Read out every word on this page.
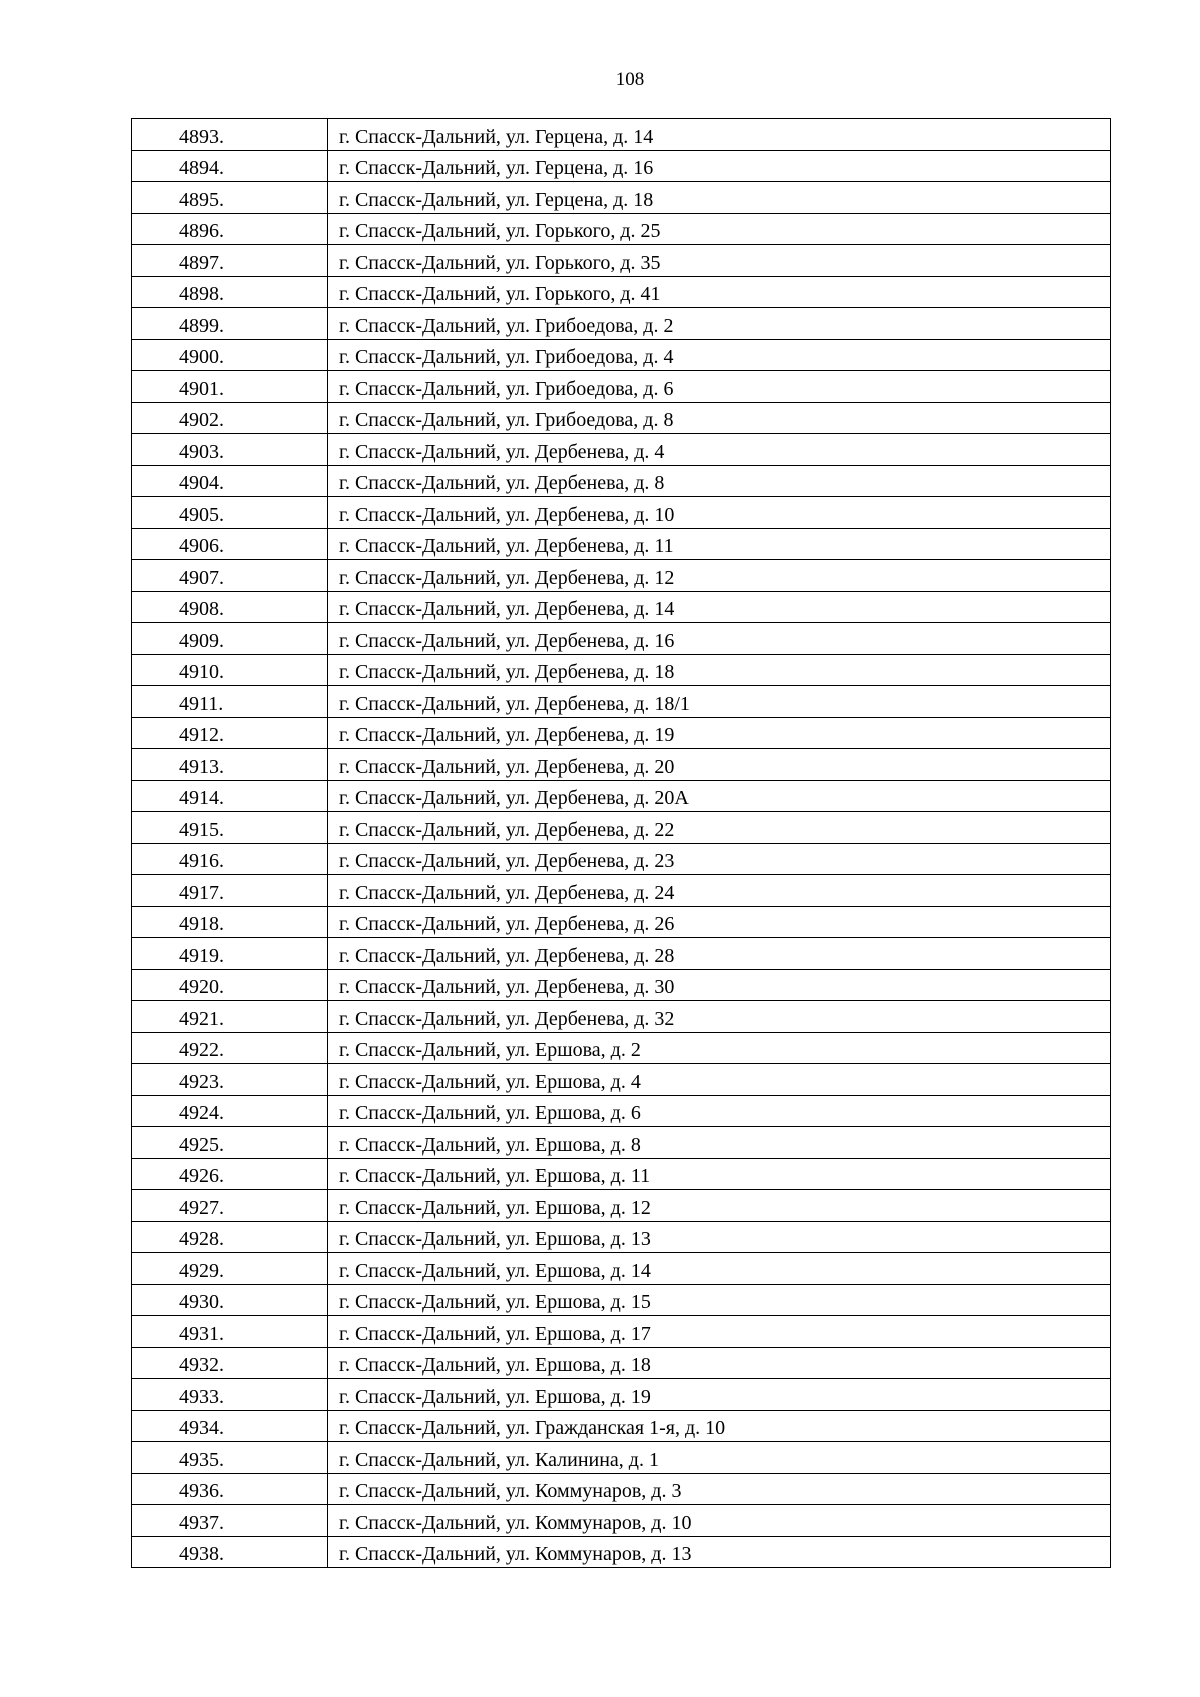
108
4893.	г. Спасск-Дальний, ул. Герцена, д. 14
4894.	г. Спасск-Дальний, ул. Герцена, д. 16
4895.	г. Спасск-Дальний, ул. Герцена, д. 18
4896.	г. Спасск-Дальний, ул. Горького, д. 25
4897.	г. Спасск-Дальний, ул. Горького, д. 35
4898.	г. Спасск-Дальний, ул. Горького, д. 41
4899.	г. Спасск-Дальний, ул. Грибоедова, д. 2
4900.	г. Спасск-Дальний, ул. Грибоедова, д. 4
4901.	г. Спасск-Дальний, ул. Грибоедова, д. 6
4902.	г. Спасск-Дальний, ул. Грибоедова, д. 8
4903.	г. Спасск-Дальний, ул. Дербенева, д. 4
4904.	г. Спасск-Дальний, ул. Дербенева, д. 8
4905.	г. Спасск-Дальний, ул. Дербенева, д. 10
4906.	г. Спасск-Дальний, ул. Дербенева, д. 11
4907.	г. Спасск-Дальний, ул. Дербенева, д. 12
4908.	г. Спасск-Дальний, ул. Дербенева, д. 14
4909.	г. Спасск-Дальний, ул. Дербенева, д. 16
4910.	г. Спасск-Дальний, ул. Дербенева, д. 18
4911.	г. Спасск-Дальний, ул. Дербенева, д. 18/1
4912.	г. Спасск-Дальний, ул. Дербенева, д. 19
4913.	г. Спасск-Дальний, ул. Дербенева, д. 20
4914.	г. Спасск-Дальний, ул. Дербенева, д. 20А
4915.	г. Спасск-Дальний, ул. Дербенева, д. 22
4916.	г. Спасск-Дальний, ул. Дербенева, д. 23
4917.	г. Спасск-Дальний, ул. Дербенева, д. 24
4918.	г. Спасск-Дальний, ул. Дербенева, д. 26
4919.	г. Спасск-Дальний, ул. Дербенева, д. 28
4920.	г. Спасск-Дальний, ул. Дербенева, д. 30
4921.	г. Спасск-Дальний, ул. Дербенева, д. 32
4922.	г. Спасск-Дальний, ул. Ершова, д. 2
4923.	г. Спасск-Дальний, ул. Ершова, д. 4
4924.	г. Спасск-Дальний, ул. Ершова, д. 6
4925.	г. Спасск-Дальний, ул. Ершова, д. 8
4926.	г. Спасск-Дальний, ул. Ершова, д. 11
4927.	г. Спасск-Дальний, ул. Ершова, д. 12
4928.	г. Спасск-Дальний, ул. Ершова, д. 13
4929.	г. Спасск-Дальний, ул. Ершова, д. 14
4930.	г. Спасск-Дальний, ул. Ершова, д. 15
4931.	г. Спасск-Дальний, ул. Ершова, д. 17
4932.	г. Спасск-Дальний, ул. Ершова, д. 18
4933.	г. Спасск-Дальний, ул. Ершова, д. 19
4934.	г. Спасск-Дальний, ул. Гражданская 1-я, д. 10
4935.	г. Спасск-Дальний, ул. Калинина, д. 1
4936.	г. Спасск-Дальний, ул. Коммунаров, д. 3
4937.	г. Спасск-Дальний, ул. Коммунаров, д. 10
4938.	г. Спасск-Дальний, ул. Коммунаров, д. 13
